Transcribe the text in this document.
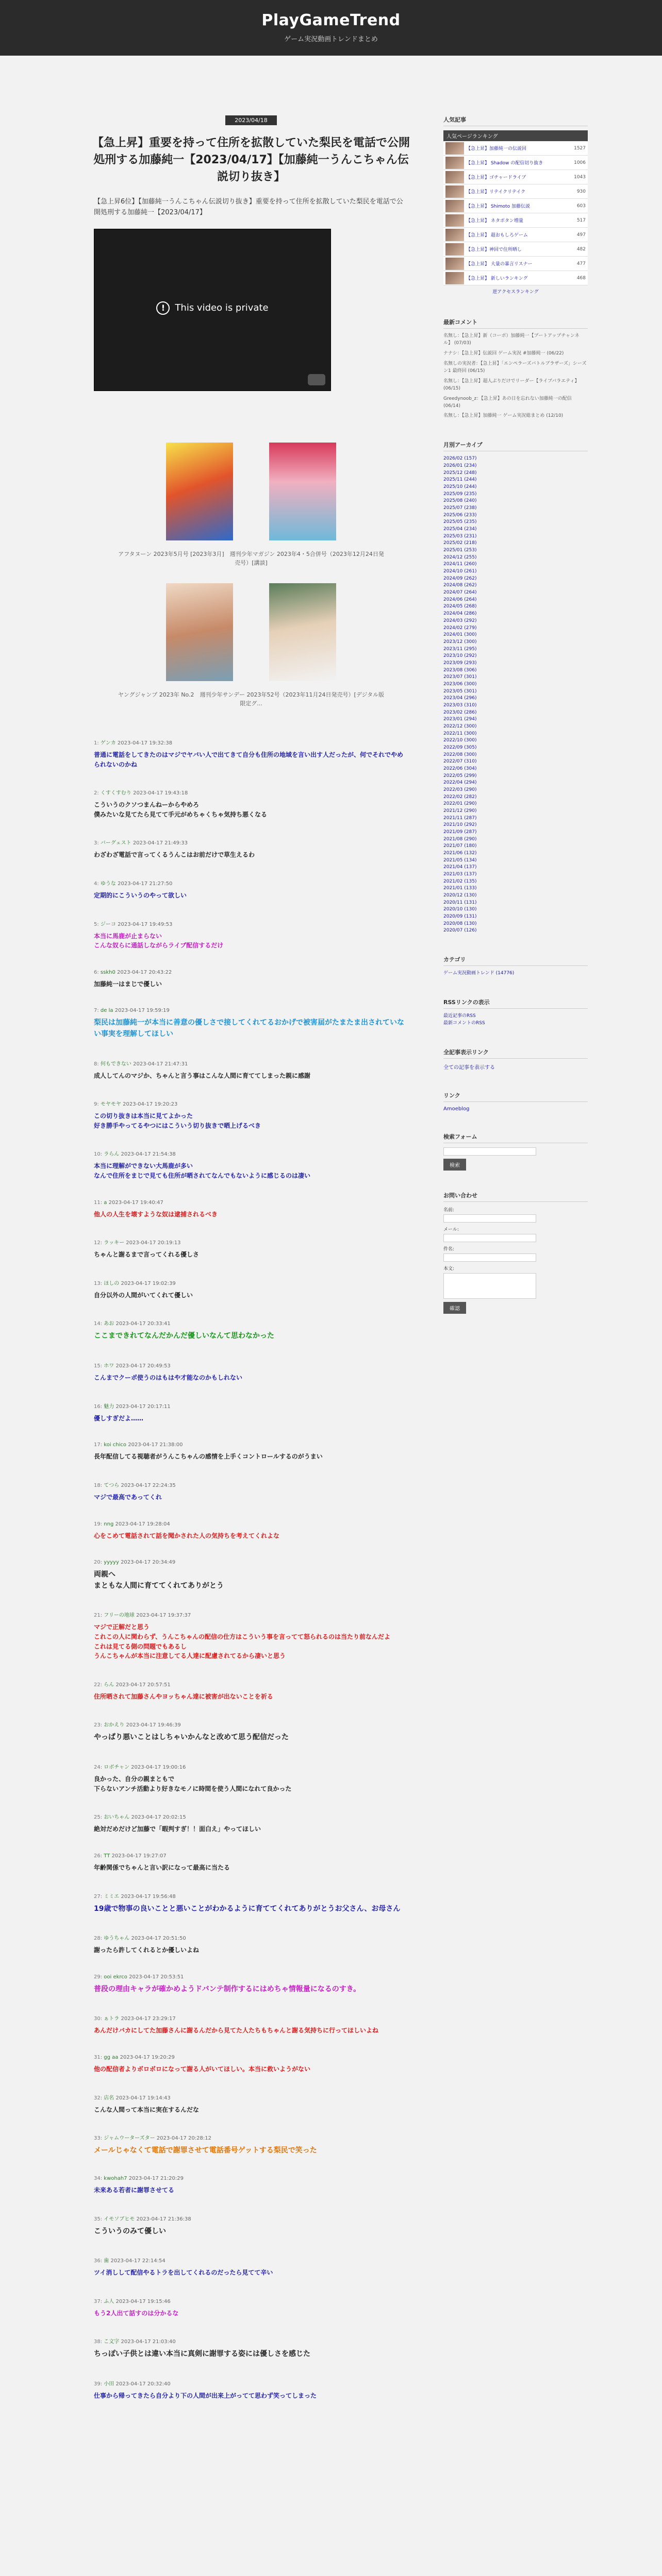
PlayGameTrend
ゲーム実況動画トレンドまとめ
2023/04/18
【急上昇】重要を持って住所を拡散していた梨民を電話で公開処刑する加藤純一【2023/04/17】【加藤純一うんこちゃん伝説切り抜き】

【急上昇6位】【加藤純一うんこちゃん伝説切り抜き】重要を持って住所を拡散していた梨民を電話で公開処刑する加藤純一【2023/04/17】

! This video is private

アフタヌーン 2023年5月号 [2023年3月]　週刊少年マガジン 2023年4・5合併号（2023年12月24日発売号）[講談]

ヤングジャンプ 2023年 No.2　週刊少年サンデー 2023年52号（2023年11月24日発売号）[デジタル版限定グ...

1: ゲンカ 2023-04-17 19:32:38
普通に電話をしてきたのはマジでヤバい人で出てきて自分も住所の地域を言い出す人だったが、何でそれでやめられないのかね
2: くすくすむり 2023-04-17 19:43:18
こういうのクソつまんねーからやめろ
僕みたいな見てたら見てて手元がめちゃくちゃ気持ち悪くなる
3: バーグェスト 2023-04-17 21:49:33
わざわざ電話で言ってくるうんこはお前だけで草生えるわ
4: ゆうな 2023-04-17 21:27:50
定期的にこういうのやって欲しい
5: ジーコ 2023-04-17 19:49:53
本当に馬鹿が止まらない
こんな奴らに通話しながらライブ配信するだけ
6: sskh0 2023-04-17 20:43:22
加藤純一はまじで優しい
7: de la 2023-04-17 19:59:19
梨民は加藤純一が本当に善意の優しさで接してくれてるおかげで被害届がたまたま出されていない事実を理解してほしい
8: 何もできない 2023-04-17 21:47:31
成人してんのマジか、ちゃんと言う事はこんな人間に育ててしまった親に感謝
9: モヤモヤ 2023-04-17 19:20:23
この切り抜きは本当に見てよかった
好き勝手やってるやつにはこういう切り抜きで晒上げるべき
10: ラらん 2023-04-17 21:54:38
本当に理解ができない大馬鹿が多い
なんで住所をまじで見ても住所が晒されてなんでもないように感じるのは凄い
11: a 2023-04-17 19:40:47
他人の人生を壊すような奴は逮捕されるべき
12: ラッキー 2023-04-17 20:19:13
ちゃんと謝るまで言ってくれる優しさ
13: ほしの 2023-04-17 19:02:39
自分以外の人間がいてくれて優しい
14: あお 2023-04-17 20:33:41
ここまできれてなんだかんだ優しいなんて思わなかった
15: ホワ 2023-04-17 20:49:53
こんまでクーポ使うのはもはや才能なのかもしれない
16: 魅力 2023-04-17 20:17:11
優しすぎだよ……
17: koi chico 2023-04-17 21:38:00
長年配信してる視聴者がうんこちゃんの感情を上手くコントロールするのがうまい
18: てつら 2023-04-17 22:24:35
マジで最高であってくれ
19: nng 2023-04-17 19:28:04
心をこめて電話されて話を聞かされた人の気持ちを考えてくれよな
20: yyyyy 2023-04-17 20:34:49
両親へ
まともな人間に育ててくれてありがとう
21: フリーの地球 2023-04-17 19:37:37
マジで正解だと思う
これこの人に関わらず、うんこちゃんの配信の仕方はこういう事を言ってて怒られるのは当たり前なんだよ
これは見てる側の問題でもあるし
うんこちゃんが本当に注意してる人達に配慮されてるから凄いと思う
22: らん 2023-04-17 20:57:51
住所晒されて加藤さんやヨッちゃん達に被害が出ないことを祈る
23: おかえり 2023-04-17 19:46:39
やっぱり悪いことはしちゃいかんなと改めて思う配信だった
24: ロボチャン 2023-04-17 19:00:16
良かった、自分の親まともで
下らないアンチ活動より好きなモノに時間を使う人間になれて良かった
25: おいちゃん 2023-04-17 20:02:15
絶対だめだけど加藤で「暇判すぎ！！面白え」やってほしい
26: TT 2023-04-17 19:27:07
年齢関係でちゃんと言い訳になって最高に当たる
27: ミミエ 2023-04-17 19:56:48
19歳で物事の良いことと悪いことがわかるように育ててくれてありがとうお父さん、お母さん
28: ゆうちゃん 2023-04-17 20:51:50
謝ったら許してくれるとか優しいよね
29: ooi ekrco 2023-04-17 20:53:51
普段の理由キャラが確かめようドバンテ制作するにはめちゃ情報量になるのすき。
30: ぁトラ 2023-04-17 23:29:17
あんだけバカにしてた加藤さんに謝るんだから見てた人たちもちゃんと謝る気持ちに行ってほしいよね
31: gg aa 2023-04-17 19:20:29
他の配信者よりボロボロになって謝る人がいてほしい。本当に救いようがない
32: 店名 2023-04-17 19:14:43
こんな人間って本当に実在するんだな
33: ジャムウーターズター 2023-04-17 20:28:12
メールじゃなくて電話で謝罪させて電話番号ゲットする梨民で笑った
34: kwohah7 2023-04-17 21:20:29
未来ある若者に謝罪させてる
35: イモソブヒモ 2023-04-17 21:36:38
こういうのみて優しい
36: 歯 2023-04-17 22:14:54
ツイ消しして配信やるトラを出してくれるのだったら見てて辛い
37: ふ人 2023-04-17 19:15:46
もう2人出て話すのは分かるな
38: こ文字 2023-04-17 21:03:40
ちっぽい子供とは違い本当に真剣に謝罪する姿には優しさを感じた
39: 小田 2023-04-17 20:32:40
仕事から帰ってきたら自分より下の人間が出来上がってて思わず笑ってしまった
人気記事
人気ページランキング
【急上昇】加藤純一の伝説回	1527
【急上昇】 Shadow の配信切り抜き	1006
【急上昇】ゴチャードライブ	1043
【急上昇】リテイクリテイク	930
【急上昇】 Shimoto 加藤伝説	603
【急上昇】 ネタボタン増量	517
【急上昇】 超おもしろゲーム	497
【急上昇】神回で住所晒し	482
【急上昇】 大量の暴言リスナー	477
【急上昇】 新しいランキング	468
逆アクセスランキング
最新コメント
名無し：【急上昇】新（コーポ）加藤純一【ブートアップチャンネル】 (07/03)
ナナシ：【急上昇】伝説回 ゲーム実況 #加藤純一 (06/22)
名無しの実況者：【急上昇】「エンペラーズバトルブラザーズ」シーズン1 最終回 (06/15)
名無し：【急上昇】超人ぶりだけでリーダー【ライブバラエティ】 (06/15)
Greedynoob_z：【急上昇】あの日を忘れない加藤純一の配信 (06/14)
名無し：【急上昇】加藤純一 ゲーム実況総まとめ (12/10)
月別アーカイブ
2026/02 (157)
2026/01 (234)
2025/12 (248)
2025/11 (244)
2025/10 (244)
2025/09 (235)
2025/08 (240)
2025/07 (238)
2025/06 (233)
2025/05 (235)
2025/04 (234)
2025/03 (231)
2025/02 (218)
2025/01 (253)
2024/12 (255)
2024/11 (260)
2024/10 (261)
2024/09 (262)
2024/08 (262)
2024/07 (264)
2024/06 (264)
2024/05 (268)
2024/04 (286)
2024/03 (292)
2024/02 (279)
2024/01 (300)
2023/12 (300)
2023/11 (295)
2023/10 (292)
2023/09 (293)
2023/08 (306)
2023/07 (301)
2023/06 (300)
2023/05 (301)
2023/04 (296)
2023/03 (310)
2023/02 (286)
2023/01 (294)
2022/12 (300)
2022/11 (300)
2022/10 (300)
2022/09 (305)
2022/08 (300)
2022/07 (310)
2022/06 (304)
2022/05 (299)
2022/04 (294)
2022/03 (290)
2022/02 (282)
2022/01 (290)
2021/12 (290)
2021/11 (287)
2021/10 (292)
2021/09 (287)
2021/08 (290)
2021/07 (180)
2021/06 (132)
2021/05 (134)
2021/04 (137)
2021/03 (137)
2021/02 (135)
2021/01 (133)
2020/12 (130)
2020/11 (131)
2020/10 (130)
2020/09 (131)
2020/08 (130)
2020/07 (126)
カテゴリ
ゲーム実況動画トレンド (14776)
RSSリンクの表示
最近記事のRSS
最新コメントのRSS
全記事表示リンク
全ての記事を表示する
リンク
Amoeblog
検索フォーム
検索
お問い合わせ
名前:
メール:
件名:
本文:
確認
